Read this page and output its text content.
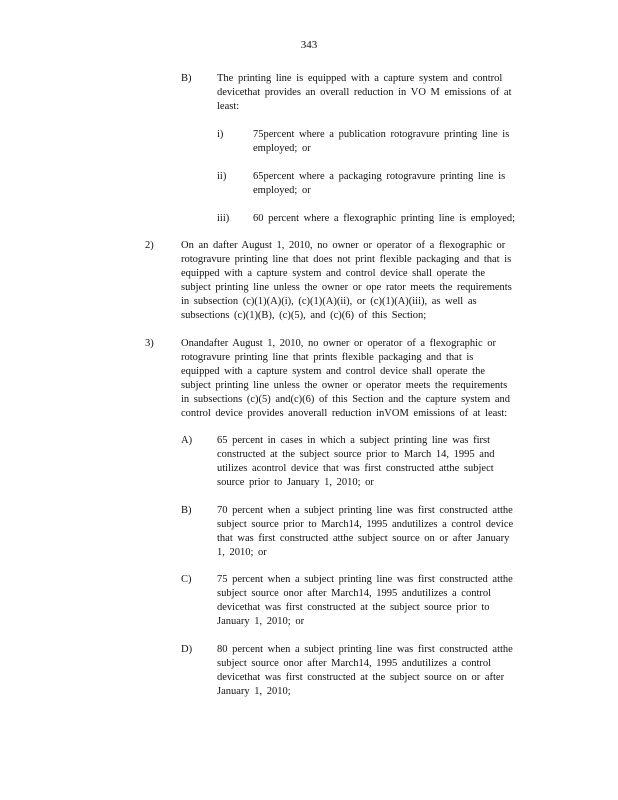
343
B) The printing line is equipped with a capture system and control
devicethat provides an overall reduction in VO M emissions of at
least:
i)	75percent where a publication rotogravure printing line is
employed; or
ii)	65percent where a packaging rotogravure printing line is
employed; or
iii) 60 percent where a flexographic printing line is employed;
2)	On an dafter August 1, 2010, no owner or operator of a flexographic or
rotogravure printing line that does not print flexible packaging and that is
equipped with a capture system and control device shall operate the
subject printing line unless the owner or ope rator meets the requirements
in subsection (c)(1)(A)(i), (c)(1)(A)(ii), or (c)(1)(A)(iii), as well as
subsections (c)(1)(B), (c)(5), and (c)(6) of this Section;
3)	Onandafter August 1, 2010, no owner or operator of a flexographic or
rotogravure printing line that prints flexible packaging and that is
equipped with a capture system and control device shall operate the
subject printing line unless the owner or operator meets the requirements
in subsections (c)(5) and(c)(6) of this Section and the capture system and
control device provides anoverall reduction inVOM emissions of at least:
A) 65 percent in cases in which a subject printing line was first
constructed at the subject source prior to March 14, 1995 and
utilizes acontrol device that was first constructed atthe subject
source prior to January 1, 2010; or
B) 70 percent when a subject printing line was first constructed atthe
subject source prior to March14, 1995 andutilizes a control device
that was first constructed atthe subject source on or after January
1, 2010; or
C) 75 percent when a subject printing line was first constructed atthe
subject source onor after March14, 1995 andutilizes a control
devicethat was first constructed at the subject source prior to
January 1, 2010; or
D) 80 percent when a subject printing line was first constructed atthe
subject source onor after March14, 1995 andutilizes a control
devicethat was first constructed at the subject source on or after
January 1, 2010;
